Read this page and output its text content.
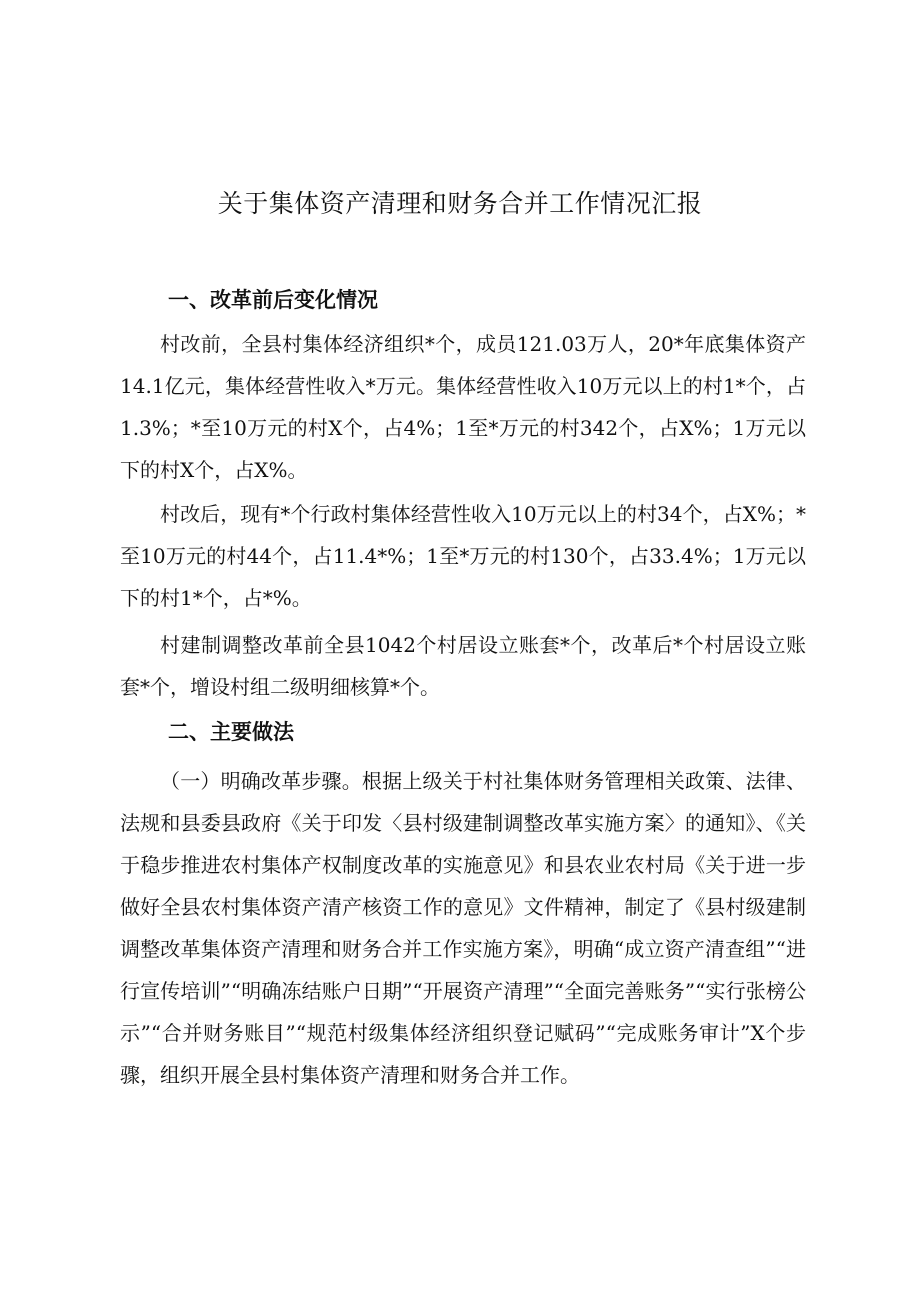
关于集体资产清理和财务合并工作情况汇报
一、改革前后变化情况
村改前，全县村集体经济组织*个，成员121.03万人，20*年底集体资产14.1亿元，集体经营性收入*万元。集体经营性收入10万元以上的村1*个，占1.3%；*至10万元的村X个，占4%；1至*万元的村342个，占X%；1万元以下的村X个，占X%。
村改后，现有*个行政村集体经营性收入10万元以上的村34个，占X%；*至10万元的村44个，占11.4*%；1至*万元的村130个，占33.4%；1万元以下的村1*个，占*%。
村建制调整改革前全县1042个村居设立账套*个，改革后*个村居设立账套*个，增设村组二级明细核算*个。
二、主要做法
（一）明确改革步骤。根据上级关于村社集体财务管理相关政策、法律、法规和县委县政府《关于印发〈县村级建制调整改革实施方案〉的通知》、《关于稳步推进农村集体产权制度改革的实施意见》和县农业农村局《关于进一步做好全县农村集体资产清产核资工作的意见》文件精神，制定了《县村级建制调整改革集体资产清理和财务合并工作实施方案》，明确“成立资产清查组”“进行宣传培训”“明确冻结账户日期”“开展资产清理”“全面完善账务”“实行张榜公示”“合并财务账目”“规范村级集体经济组织登记赋码”“完成账务审计”X个步骤，组织开展全县村集体资产清理和财务合并工作。
